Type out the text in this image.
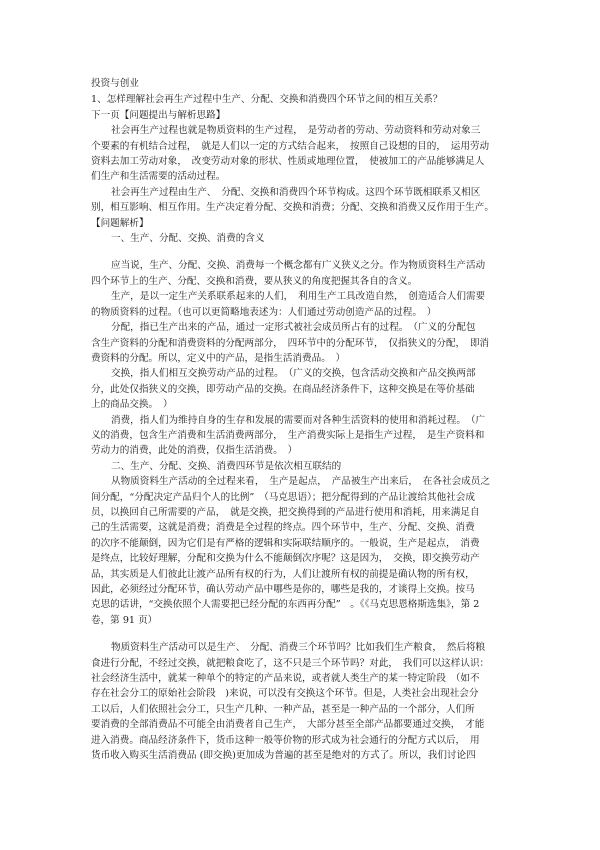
投资与创业
1、怎样理解社会再生产过程中生产、分配、交换和消费四个环节之间的相互关系？
下一页【问题提出与解析思路】
社会再生产过程也就是物质资料的生产过程，　是劳动者的劳动、劳动资料和劳动对象三
个要素的有机结合过程，　就是人们以一定的方式结合起来，　按照自己设想的目的，　运用劳动
资料去加工劳动对象，　改变劳动对象的形状、性质或地理位置，　使被加工的产品能够满足人
们生产和生活需要的活动过程。
社会再生产过程由生产、　分配、交换和消费四个环节构成。这四个环节既相联系又相区
别，相互影响、相互作用。生产决定着分配、交换和消费；分配、交换和消费又反作用于生产。
【问题解析】
一、生产、分配、交换、消费的含义
应当说，生产、分配、交换、消费每一个概念都有广义狭义之分。作为物质资料生产活动
四个环节上的生产、分配、交换和消费，要从狭义的角度把握其各自的含义。
生产，是以一定生产关系联系起来的人们，　利用生产工具改造自然，　创造适合人们需要
的物质资料的过程。（也可以更简略地表述为：人们通过劳动创造产品的过程。　）
分配，指已生产出来的产品，通过一定形式被社会成员所占有的过程。　（广义的分配包
含生产资料的分配和消费资料的分配两部分，　四环节中的分配环节，　仅指狭义的分配，　即消
费资料的分配。所以，定义中的产品，是指生活消费品。　）
交换，指人们相互交换劳动产品的过程。　（广义的交换，包含活动交换和产品交换两部
分，此处仅指狭义的交换，即劳动产品的交换。在商品经济条件下，这种交换是在等价基础
上的商品交换。　）
消费，指人们为维持自身的生存和发展的需要而对各种生活资料的使用和消耗过程。　（广
义的消费，包含生产消费和生活消费两部分，　生产消费实际上是指生产过程，　是生产资料和
劳动力的消费，此处的消费，仅指生活消费。　）
二、生产、分配、交换、消费四环节是依次相互联结的
从物质资料生产活动的全过程来看，　生产是起点，　产品被生产出来后，　在各社会成员之
间分配，“分配决定产品归个人的比例”　（马克思语）；把分配得到的产品让渡给其他社会成
员，以换回自己所需要的产品，　就是交换，把交换得到的产品进行使用和消耗，用来满足自
己的生活需要，这就是消费；消费是全过程的终点。四个环节中，生产、分配、交换、消费
的次序不能颠倒，因为它们是有严格的逻辑和实际联结顺序的。一般说，生产是起点，　消费
是终点，比较好理解，分配和交换为什么不能颠倒次序呢？这是因为，　交换，即交换劳动产
品，其实质是人们彼此让渡产品所有权的行为，人们让渡所有权的前提是确认物的所有权，
因此，必须经过分配环节，确认劳动产品中哪些是你的，哪些是我的，才谈得上交换。按马
克思的话讲，“交换依照个人需要把已经分配的东西再分配”　。《《马克思恩格斯选集》，第 2
卷，第 91 页）
物质资料生产活动可以是生产、　分配、消费三个环节吗？比如我们生产粮食，　然后将粮
食进行分配，不经过交换，就把粮食吃了，这不只是三个环节吗？对此，　我们可以这样认识：
社会经济生活中，就某一种单个的特定的产品来说，或者就人类生产的某一特定阶段　（如不
存在社会分工的原始社会阶段　)来说，可以没有交换这个环节。但是，人类社会出现社会分
工以后，人们依照社会分工，只生产几种、一种产品，甚至是一种产品的一个部分，人们所
要消费的全部消费品不可能全由消费者自己生产，　大部分甚至全部产品都要通过交换，　才能
进入消费。商品经济条件下，货币这种一般等价物的形式成为社会通行的分配方式以后，　用
货币收入购买生活消费品 (即交换)更加成为普遍的甚至是绝对的方式了。所以，我们讨论四
